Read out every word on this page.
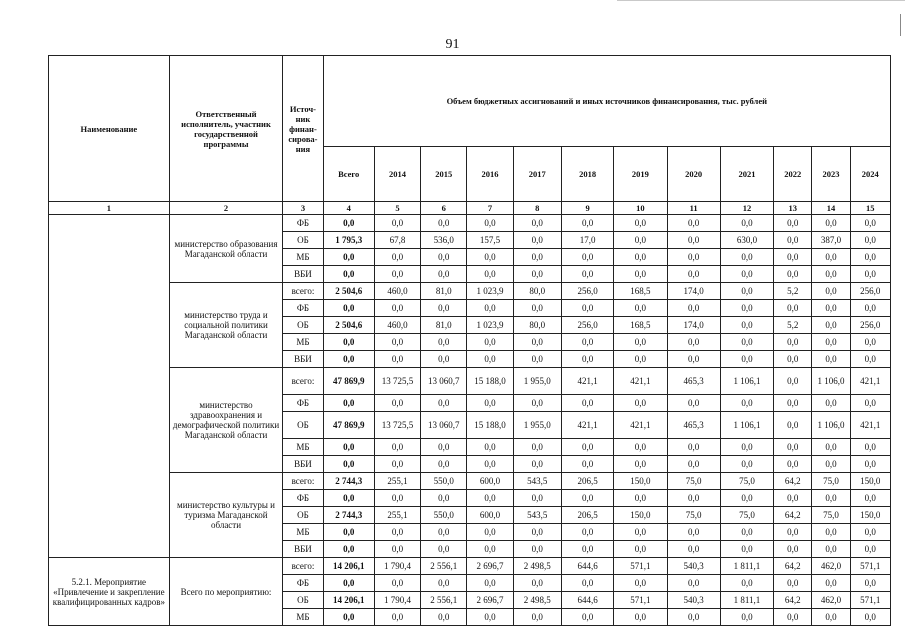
91
Наименование	Ответственный исполнитель, участник государственной программы	Источ-ник финан-сирова-ния	Объем бюджетных ассигнований и иных источников финансирования, тыс. рублей											
			Всего	2014	2015	2016	2017	2018	2019	2020	2021	2022	2023	2024
1	2	3	4	5	6	7	8	9	10	11	12	13	14	15
	министерство образования Магаданской области	ФБ	0,0	0,0	0,0	0,0	0,0	0,0	0,0	0,0	0,0	0,0	0,0	0,0
		ОБ	1 795,3	67,8	536,0	157,5	0,0	17,0	0,0	0,0	630,0	0,0	387,0	0,0
		МБ	0,0	0,0	0,0	0,0	0,0	0,0	0,0	0,0	0,0	0,0	0,0	0,0
		ВБИ	0,0	0,0	0,0	0,0	0,0	0,0	0,0	0,0	0,0	0,0	0,0	0,0
	министерство труда и социальной политики Магаданской области	всего:	2 504,6	460,0	81,0	1 023,9	80,0	256,0	168,5	174,0	0,0	5,2	0,0	256,0
		ФБ	0,0	0,0	0,0	0,0	0,0	0,0	0,0	0,0	0,0	0,0	0,0	0,0
		ОБ	2 504,6	460,0	81,0	1 023,9	80,0	256,0	168,5	174,0	0,0	5,2	0,0	256,0
		МБ	0,0	0,0	0,0	0,0	0,0	0,0	0,0	0,0	0,0	0,0	0,0	0,0
		ВБИ	0,0	0,0	0,0	0,0	0,0	0,0	0,0	0,0	0,0	0,0	0,0	0,0
	министерство здравоохранения и демографической политики Магаданской области	всего:	47 869,9	13 725,5	13 060,7	15 188,0	1 955,0	421,1	421,1	465,3	1 106,1	0,0	1 106,0	421,1
		ФБ	0,0	0,0	0,0	0,0	0,0	0,0	0,0	0,0	0,0	0,0	0,0	0,0
		ОБ	47 869,9	13 725,5	13 060,7	15 188,0	1 955,0	421,1	421,1	465,3	1 106,1	0,0	1 106,0	421,1
		МБ	0,0	0,0	0,0	0,0	0,0	0,0	0,0	0,0	0,0	0,0	0,0	0,0
		ВБИ	0,0	0,0	0,0	0,0	0,0	0,0	0,0	0,0	0,0	0,0	0,0	0,0
	министерство культуры и туризма Магаданской области	всего:	2 744,3	255,1	550,0	600,0	543,5	206,5	150,0	75,0	75,0	64,2	75,0	150,0
		ФБ	0,0	0,0	0,0	0,0	0,0	0,0	0,0	0,0	0,0	0,0	0,0	0,0
		ОБ	2 744,3	255,1	550,0	600,0	543,5	206,5	150,0	75,0	75,0	64,2	75,0	150,0
		МБ	0,0	0,0	0,0	0,0	0,0	0,0	0,0	0,0	0,0	0,0	0,0	0,0
		ВБИ	0,0	0,0	0,0	0,0	0,0	0,0	0,0	0,0	0,0	0,0	0,0	0,0
5.2.1. Мероприятие «Привлечение и закрепление квалифицированных кадров»	Всего по мероприятию:	всего:	14 206,1	1 790,4	2 556,1	2 696,7	2 498,5	644,6	571,1	540,3	1 811,1	64,2	462,0	571,1
		ФБ	0,0	0,0	0,0	0,0	0,0	0,0	0,0	0,0	0,0	0,0	0,0	0,0
		ОБ	14 206,1	1 790,4	2 556,1	2 696,7	2 498,5	644,6	571,1	540,3	1 811,1	64,2	462,0	571,1
		МБ	0,0	0,0	0,0	0,0	0,0	0,0	0,0	0,0	0,0	0,0	0,0	0,0
